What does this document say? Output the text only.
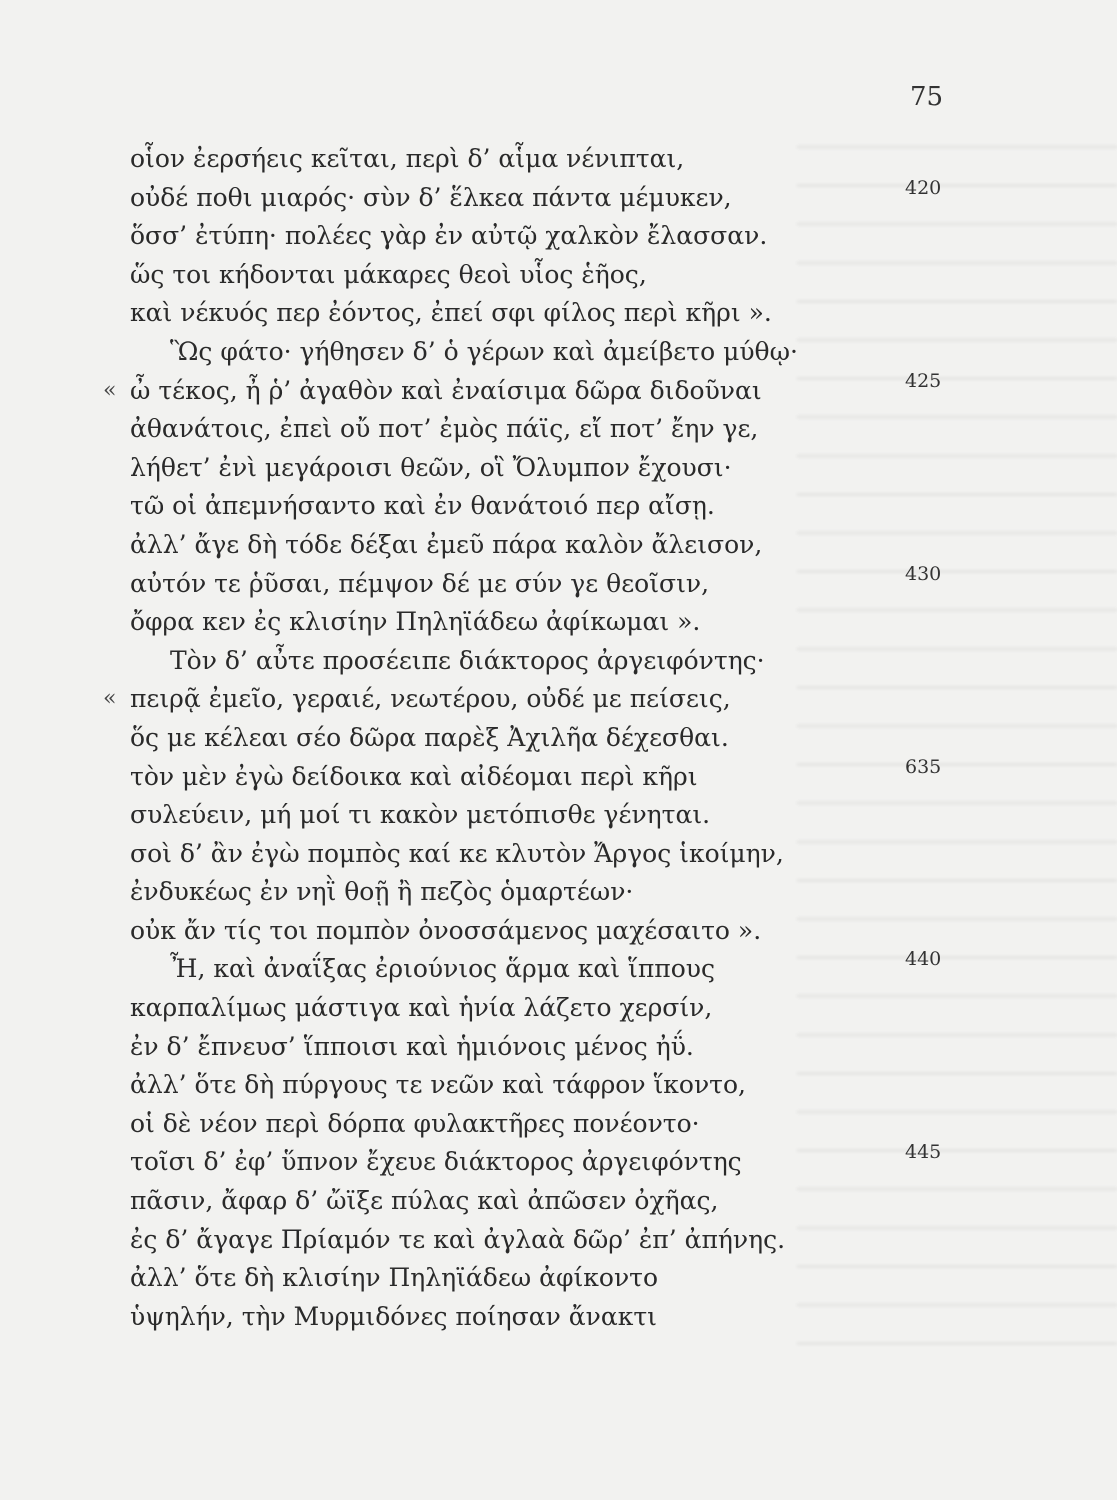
75
οἷον ἐερσήεις κεῖται, περὶ δ’ αἷμα νένιπται,
οὐδέ ποθι μιαρός· σὺν δ’ ἕλκεα πάντα μέμυκεν,	420
ὅσσ’ ἐτύπη· πολέες γὰρ ἐν αὐτῷ χαλκὸν ἔλασσαν.
ὥς τοι κήδονται μάκαρες θεοὶ υἷος ἑῆος,
καὶ νέκυός περ ἐόντος, ἐπεί σφι φίλος περὶ κῆρι ».
Ὣς φάτο· γήθησεν δ’ ὁ γέρων καὶ ἀμείβετο μύθῳ·
« ὦ τέκος, ἦ ῥ’ ἀγαθὸν καὶ ἐναίσιμα δῶρα διδοῦναι	425
ἀθανάτοις, ἐπεὶ οὔ ποτ’ ἐμὸς πάϊς, εἴ ποτ’ ἔην γε,
λήθετ’ ἐνὶ μεγάροισι θεῶν, οἳ Ὄλυμπον ἔχουσι·
τῶ οἱ ἀπεμνήσαντο καὶ ἐν θανάτοιό περ αἴσῃ.
ἀλλ’ ἄγε δὴ τόδε δέξαι ἐμεῦ πάρα καλὸν ἄλεισον,
αὐτόν τε ῥῦσαι, πέμψον δέ με σύν γε θεοῖσιν,	430
ὄφρα κεν ἐς κλισίην Πηληϊάδεω ἀφίκωμαι ».
Τὸν δ’ αὖτε προσέειπε διάκτορος ἀργειφόντης·
« πειρᾷ ἐμεῖο, γεραιέ, νεωτέρου, οὐδέ με πείσεις,
ὅς με κέλεαι σέο δῶρα παρὲξ Ἀχιλῆα δέχεσθαι.
τὸν μὲν ἐγὼ δείδοικα καὶ αἰδέομαι περὶ κῆρι	635
συλεύειν, μή μοί τι κακὸν μετόπισθε γένηται.
σοὶ δ’ ἂν ἐγὼ πομπὸς καί κε κλυτὸν Ἄργος ἱκοίμην,
ἐνδυκέως ἐν νηῒ θοῇ ἢ πεζὸς ὁμαρτέων·
οὐκ ἄν τίς τοι πομπὸν ὀνοσσάμενος μαχέσαιτο ».
Ἦ, καὶ ἀναΐξας ἐριούνιος ἅρμα καὶ ἵππους	440
καρπαλίμως μάστιγα καὶ ἡνία λάζετο χερσίν,
ἐν δ’ ἔπνευσ’ ἵπποισι καὶ ἡμιόνοις μένος ἠΰ.
ἀλλ’ ὅτε δὴ πύργους τε νεῶν καὶ τάφρον ἵκοντο,
οἱ δὲ νέον περὶ δόρπα φυλακτῆρες πονέοντο·
τοῖσι δ’ ἐφ’ ὕπνον ἔχευε διάκτορος ἀργειφόντης	445
πᾶσιν, ἄφαρ δ’ ὤϊξε πύλας καὶ ἀπῶσεν ὀχῆας,
ἐς δ’ ἄγαγε Πρίαμόν τε καὶ ἀγλαὰ δῶρ’ ἐπ’ ἀπήνης.
ἀλλ’ ὅτε δὴ κλισίην Πηληϊάδεω ἀφίκοντο
ὑψηλήν, τὴν Μυρμιδόνες ποίησαν ἄνακτι
